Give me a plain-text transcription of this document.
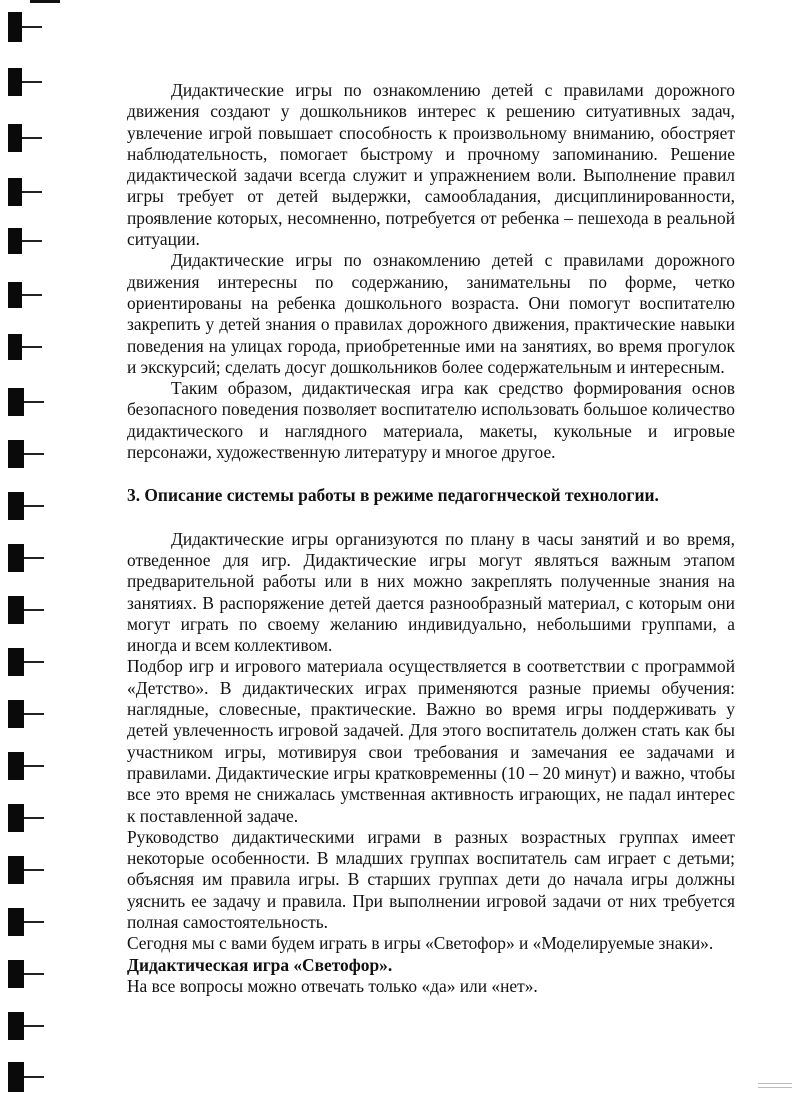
Дидактические игры по ознакомлению детей с правилами дорожного движения создают у дошкольников интерес к решению ситуативных задач, увлечение игрой повышает способность к произвольному вниманию, обостряет наблюдательность, помогает быстрому и прочному запоминанию. Решение дидактической задачи всегда служит и упражнением воли. Выполнение правил игры требует от детей выдержки, самообладания, дисциплинированности, проявление которых, несомненно, потребуется от ребенка – пешехода в реальной ситуации.

Дидактические игры по ознакомлению детей с правилами дорожного движения интересны по содержанию, занимательны по форме, четко ориентированы на ребенка дошкольного возраста. Они помогут воспитателю закрепить у детей знания о правилах дорожного движения, практические навыки поведения на улицах города, приобретенные ими на занятиях, во время прогулок и экскурсий; сделать досуг дошкольников более содержательным и интересным.

Таким образом, дидактическая игра как средство формирования основ безопасного поведения позволяет воспитателю использовать большое количество дидактического и наглядного материала, макеты, кукольные и игровые персонажи, художественную литературу и многое другое.

3. Описание системы работы в режиме педагогнческой технологии.

Дидактические игры организуются по плану в часы занятий и во время, отведенное для игр. Дидактические игры могут являться важным этапом предварительной работы или в них можно закреплять полученные знания на занятиях. В распоряжение детей дается разнообразный материал, с которым они могут играть по своему желанию индивидуально, небольшими группами, а иногда и всем коллективом.

Подбор игр и игрового материала осуществляется в соответствии с программой «Детство». В дидактических играх применяются разные приемы обучения: наглядные, словесные, практические. Важно во время игры поддерживать у детей увлеченность игровой задачей. Для этого воспитатель должен стать как бы участником игры, мотивируя свои требования и замечания ее задачами и правилами. Дидактические игры кратковременны (10 – 20 минут) и важно, чтобы все это время не снижалась умственная активность играющих, не падал интерес к поставленной задаче.

Руководство дидактическими играми в разных возрастных группах имеет некоторые особенности. В младших группах воспитатель сам играет с детьми; объясняя им правила игры. В старших группах дети до начала игры должны уяснить ее задачу и правила. При выполнении игровой задачи от них требуется полная самостоятельность.

Сегодня мы с вами будем играть в игры «Светофор» и «Моделируемые знаки».

Дидактическая игра «Светофор».

На все вопросы можно отвечать только «да» или «нет».
